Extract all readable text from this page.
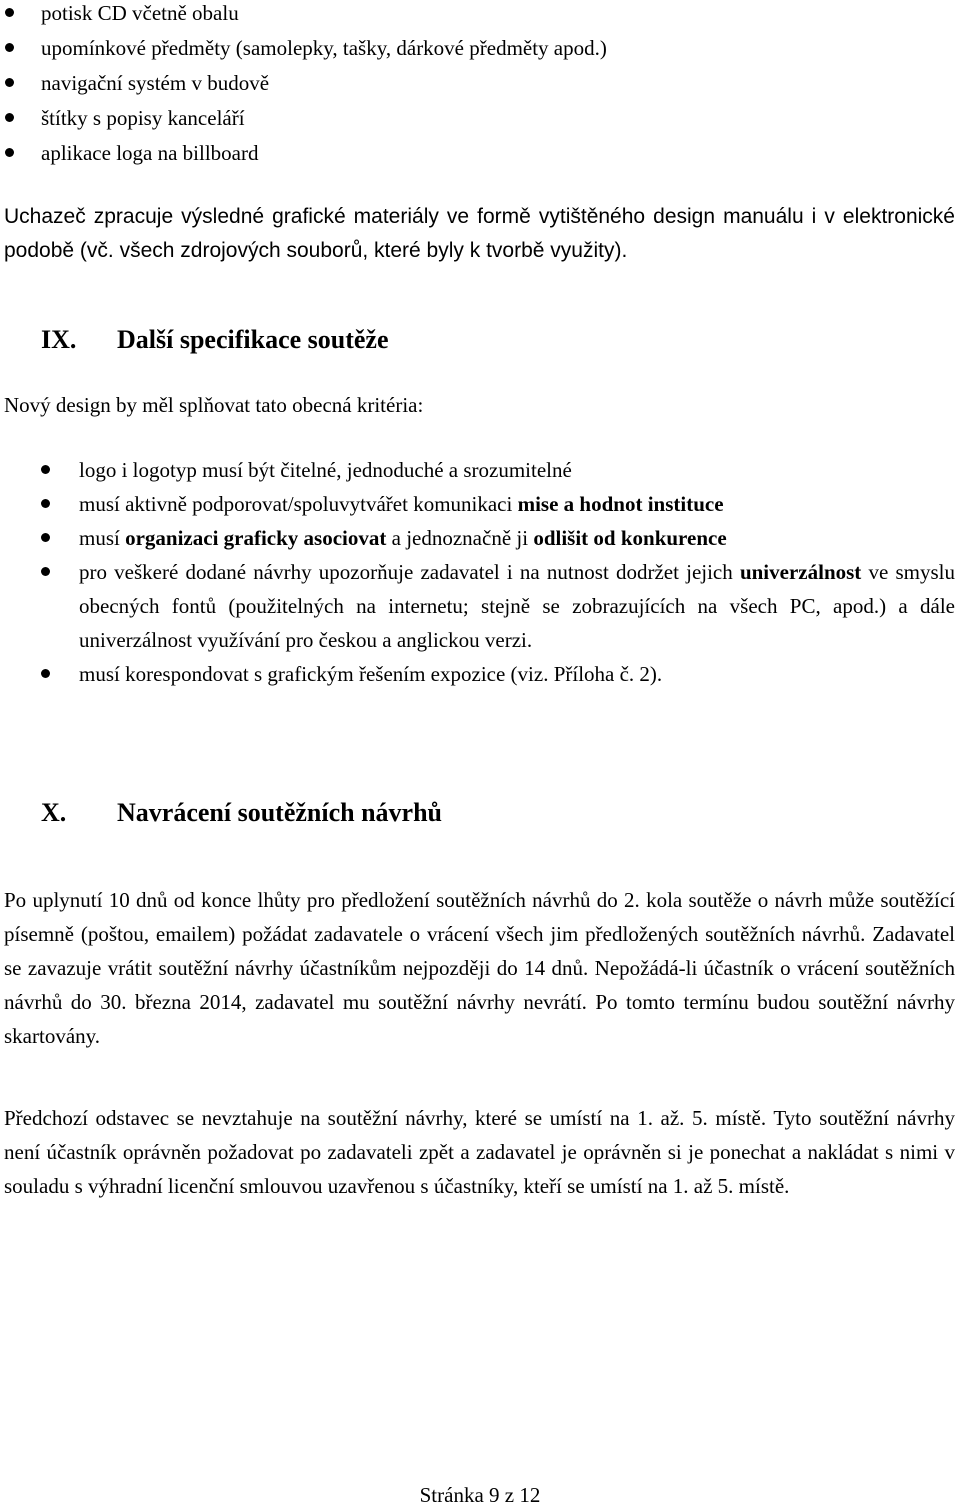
potisk CD včetně obalu
upomínkové předměty (samolepky, tašky, dárkové předměty apod.)
navigační systém v budově
štítky s popisy kanceláří
aplikace loga na billboard
Uchazeč zpracuje výsledné grafické materiály ve formě vytištěného design manuálu i v elektronické podobě (vč. všech zdrojových souborů, které byly k tvorbě využity).
IX. Další specifikace soutěže
Nový design by měl splňovat tato obecná kritéria:
logo i logotyp musí být čitelné, jednoduché a srozumitelné
musí aktivně podporovat/spoluvytvářet komunikaci mise a hodnot instituce
musí organizaci graficky asociovat a jednoznačně ji odlišit od konkurence
pro veškeré dodané návrhy upozorňuje zadavatel i na nutnost dodržet jejich univerzálnost ve smyslu obecných fontů (použitelných na internetu; stejně se zobrazujících na všech PC, apod.) a dále univerzálnost využívání pro českou a anglickou verzi.
musí korespondovat s grafickým řešením expozice (viz. Příloha č. 2).
X. Navrácení soutěžních návrhů
Po uplynutí 10 dnů od konce lhůty pro předložení soutěžních návrhů do 2. kola soutěže o návrh může soutěžící písemně (poštou, emailem) požádat zadavatele o vrácení všech jim předložených soutěžních návrhů. Zadavatel se zavazuje vrátit soutěžní návrhy účastníkům nejpozději do 14 dnů. Nepožádá-li účastník o vrácení soutěžních návrhů do 30. března 2014, zadavatel mu soutěžní návrhy nevrátí. Po tomto termínu budou soutěžní návrhy skartovány.
Předchozí odstavec se nevztahuje na soutěžní návrhy, které se umístí na 1. až. 5. místě. Tyto soutěžní návrhy není účastník oprávněn požadovat po zadavateli zpět a zadavatel je oprávněn si je ponechat a nakládat s nimi v souladu s výhradní licenční smlouvou uzavřenou s účastníky, kteří se umístí na 1. až 5. místě.
Stránka 9 z 12
